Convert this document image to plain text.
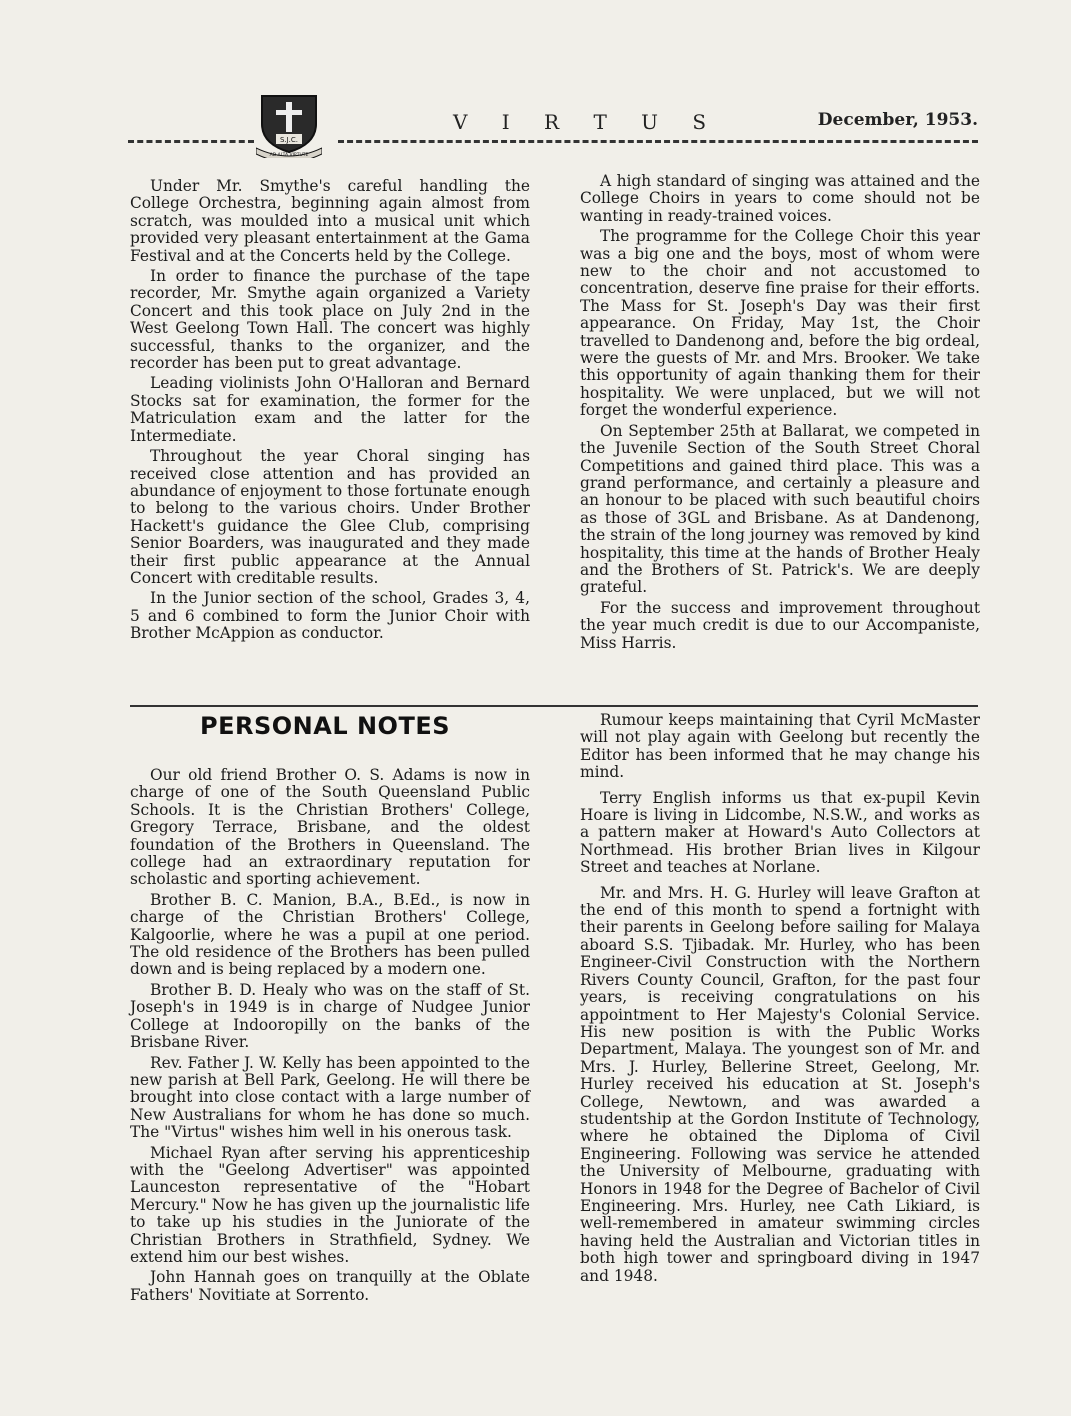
S.J.C.
AD ALTA VIRTUTE
V I R T U S	December, 1953.

Under Mr. Smythe's careful handling the College Orchestra, beginning again almost from scratch, was moulded into a musical unit which provided very pleasant entertainment at the Gama Festival and at the Concerts held by the College.

In order to finance the purchase of the tape recorder, Mr. Smythe again organized a Variety Concert and this took place on July 2nd in the West Geelong Town Hall. The concert was highly successful, thanks to the organizer, and the recorder has been put to great advantage.

Leading violinists John O'Halloran and Bernard Stocks sat for examination, the former for the Matriculation exam and the latter for the Intermediate.

Throughout the year Choral singing has received close attention and has provided an abundance of enjoyment to those fortunate enough to belong to the various choirs. Under Brother Hackett's guidance the Glee Club, comprising Senior Boarders, was inaugurated and they made their first public appearance at the Annual Concert with creditable results.

In the Junior section of the school, Grades 3, 4, 5 and 6 combined to form the Junior Choir with Brother McAppion as conductor.

A high standard of singing was attained and the College Choirs in years to come should not be wanting in ready-trained voices.

The programme for the College Choir this year was a big one and the boys, most of whom were new to the choir and not accustomed to concentration, deserve fine praise for their efforts. The Mass for St. Joseph's Day was their first appearance. On Friday, May 1st, the Choir travelled to Dandenong and, before the big ordeal, were the guests of Mr. and Mrs. Brooker. We take this opportunity of again thanking them for their hospitality. We were unplaced, but we will not forget the wonderful experience.

On September 25th at Ballarat, we competed in the Juvenile Section of the South Street Choral Competitions and gained third place. This was a grand performance, and certainly a pleasure and an honour to be placed with such beautiful choirs as those of 3GL and Brisbane. As at Dandenong, the strain of the long journey was removed by kind hospitality, this time at the hands of Brother Healy and the Brothers of St. Patrick's. We are deeply grateful.

For the success and improvement throughout the year much credit is due to our Accompaniste, Miss Harris.

PERSONAL NOTES

Our old friend Brother O. S. Adams is now in charge of one of the South Queensland Public Schools. It is the Christian Brothers' College, Gregory Terrace, Brisbane, and the oldest foundation of the Brothers in Queensland. The college had an extraordinary reputation for scholastic and sporting achievement.

Brother B. C. Manion, B.A., B.Ed., is now in charge of the Christian Brothers' College, Kalgoorlie, where he was a pupil at one period. The old residence of the Brothers has been pulled down and is being replaced by a modern one.

Brother B. D. Healy who was on the staff of St. Joseph's in 1949 is in charge of Nudgee Junior College at Indooropilly on the banks of the Brisbane River.

Rev. Father J. W. Kelly has been appointed to the new parish at Bell Park, Geelong. He will there be brought into close contact with a large number of New Australians for whom he has done so much. The "Virtus" wishes him well in his onerous task.

Michael Ryan after serving his apprenticeship with the "Geelong Advertiser" was appointed Launceston representative of the "Hobart Mercury." Now he has given up the journalistic life to take up his studies in the Juniorate of the Christian Brothers in Strathfield, Sydney. We extend him our best wishes.

John Hannah goes on tranquilly at the Oblate Fathers' Novitiate at Sorrento.

Rumour keeps maintaining that Cyril McMaster will not play again with Geelong but recently the Editor has been informed that he may change his mind.

Terry English informs us that ex-pupil Kevin Hoare is living in Lidcombe, N.S.W., and works as a pattern maker at Howard's Auto Collectors at Northmead. His brother Brian lives in Kilgour Street and teaches at Norlane.

Mr. and Mrs. H. G. Hurley will leave Grafton at the end of this month to spend a fortnight with their parents in Geelong before sailing for Malaya aboard S.S. Tjibadak. Mr. Hurley, who has been Engineer-Civil Construction with the Northern Rivers County Council, Grafton, for the past four years, is receiving congratulations on his appointment to Her Majesty's Colonial Service. His new position is with the Public Works Department, Malaya. The youngest son of Mr. and Mrs. J. Hurley, Bellerine Street, Geelong, Mr. Hurley received his education at St. Joseph's College, Newtown, and was awarded a studentship at the Gordon Institute of Technology, where he obtained the Diploma of Civil Engineering. Following was service he attended the University of Melbourne, graduating with Honors in 1948 for the Degree of Bachelor of Civil Engineering. Mrs. Hurley, nee Cath Likiard, is well-remembered in amateur swimming circles having held the Australian and Victorian titles in both high tower and springboard diving in 1947 and 1948.
